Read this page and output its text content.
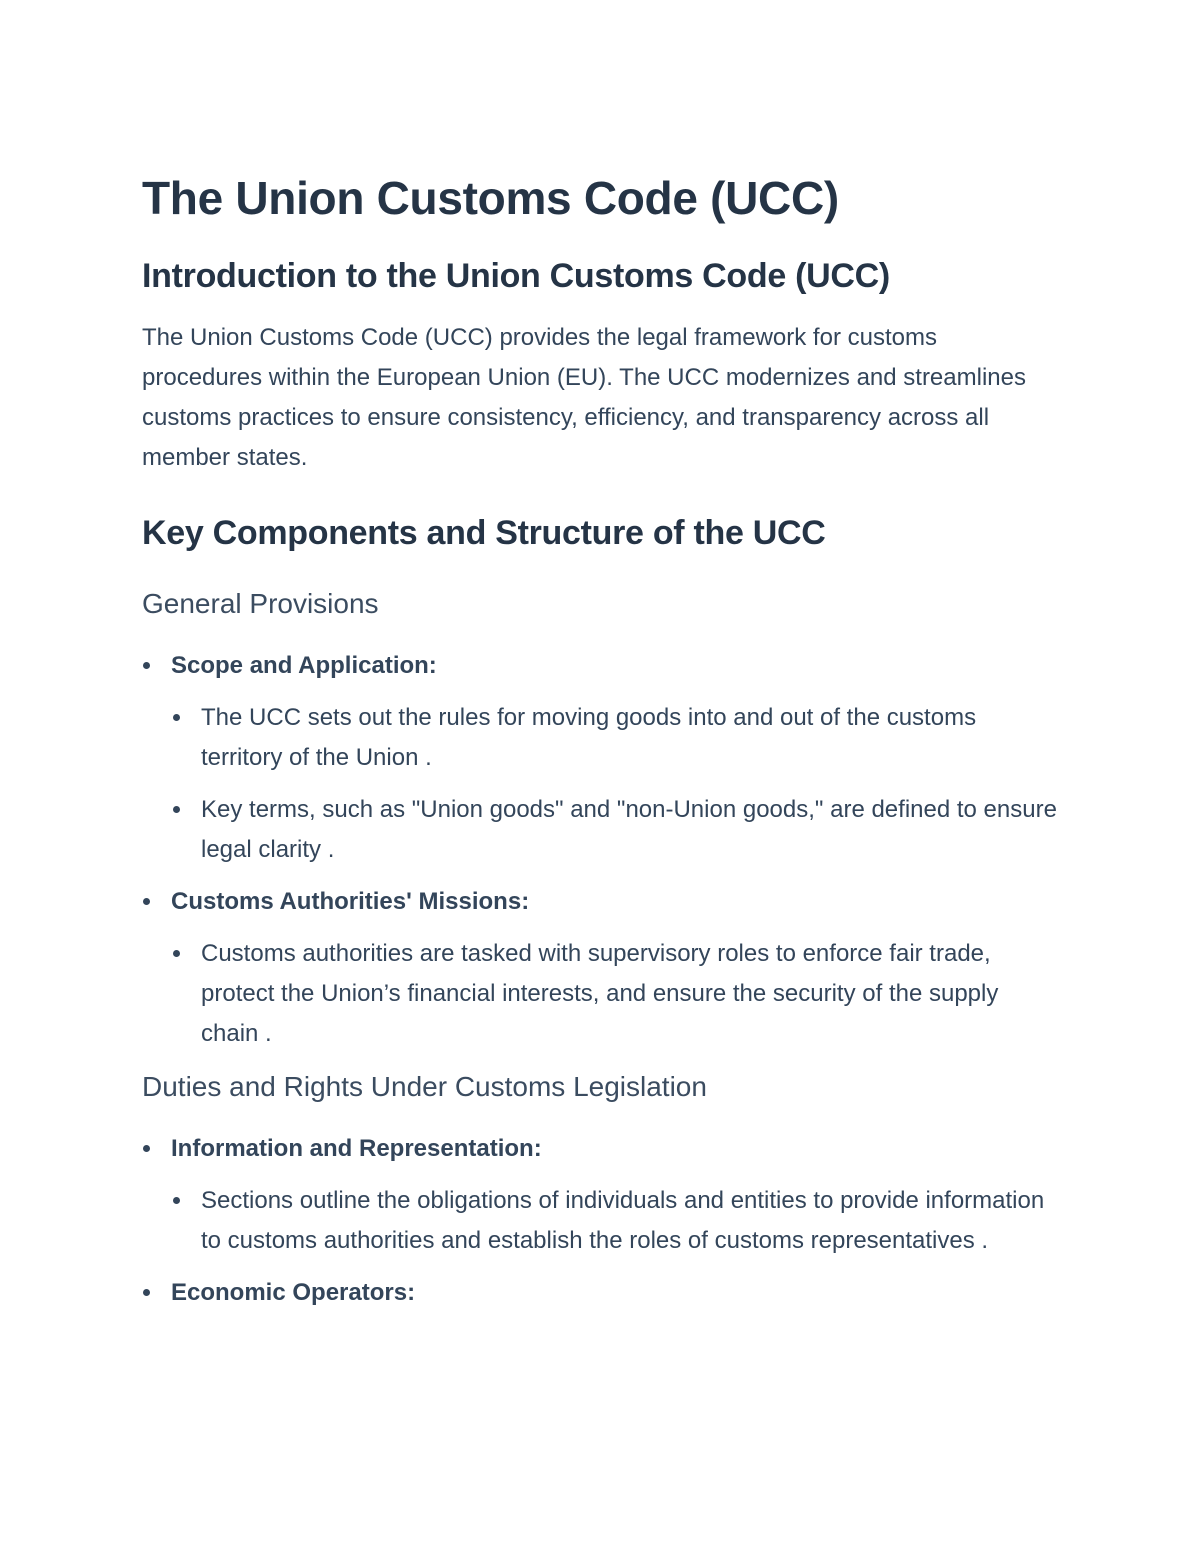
The Union Customs Code (UCC)
Introduction to the Union Customs Code (UCC)

The Union Customs Code (UCC) provides the legal framework for customs procedures within the European Union (EU). The UCC modernizes and streamlines customs practices to ensure consistency, efficiency, and transparency across all member states.

Key Components and Structure of the UCC
General Provisions
Scope and Application:
The UCC sets out the rules for moving goods into and out of the customs territory of the Union .
Key terms, such as "Union goods" and "non-Union goods," are defined to ensure legal clarity .
Customs Authorities' Missions:
Customs authorities are tasked with supervisory roles to enforce fair trade, protect the Union’s financial interests, and ensure the security of the supply chain .
Duties and Rights Under Customs Legislation
Information and Representation:
Sections outline the obligations of individuals and entities to provide information to customs authorities and establish the roles of customs representatives .
Economic Operators:
